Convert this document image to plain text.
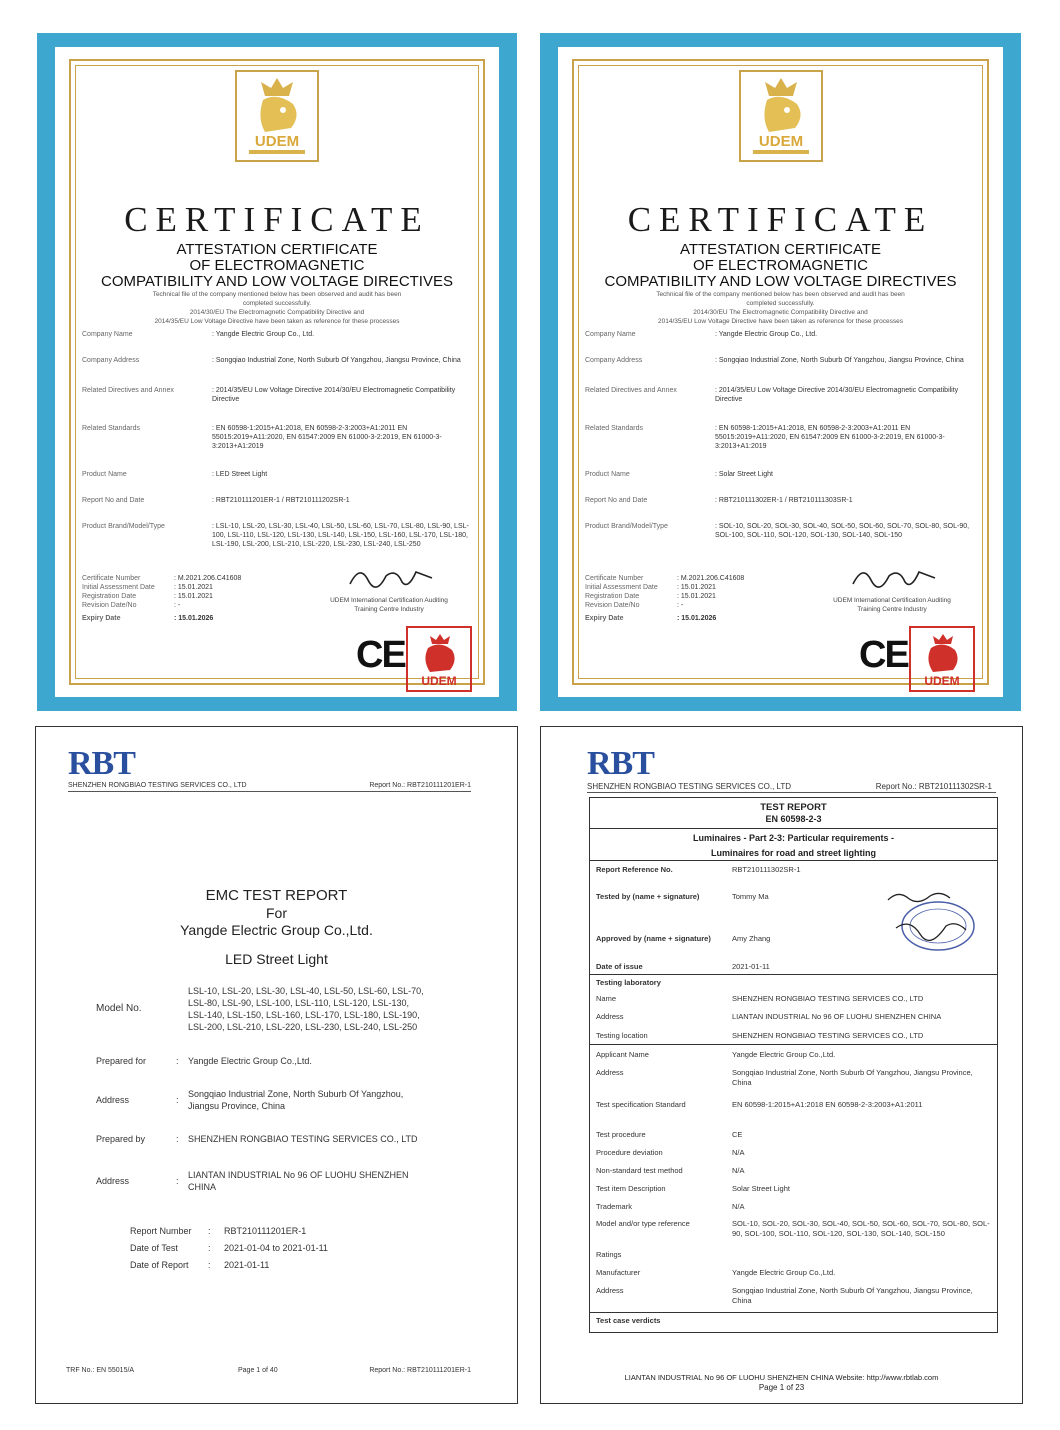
UDEM
CERTIFICATE
ATTESTATION CERTIFICATE
OF ELECTROMAGNETIC
COMPATIBILITY AND LOW VOLTAGE DIRECTIVES
Technical file of the company mentioned below has been observed and audit has been
completed successfully.
2014/30/EU The Electromagnetic Compatibility Directive and
2014/35/EU Low Voltage Directive have been taken as reference for these processes
Company Name	: Yangde Electric Group Co., Ltd.
Company Address	: Songqiao Industrial Zone, North Suburb Of Yangzhou, Jiangsu Province, China
Related Directives and Annex	: 2014/35/EU Low Voltage Directive 2014/30/EU Electromagnetic Compatibility Directive
Related Standards	: EN 60598-1:2015+A1:2018, EN 60598-2-3:2003+A1:2011 EN 55015:2019+A11:2020, EN 61547:2009 EN 61000-3-2:2019, EN 61000-3-3:2013+A1:2019
Product Name	: LED Street Light
Report No and Date	: RBT210111201ER-1 / RBT210111202SR-1
Product Brand/Model/Type	: LSL-10, LSL-20, LSL-30, LSL-40, LSL-50, LSL-60, LSL-70, LSL-80, LSL-90, LSL-100, LSL-110, LSL-120, LSL-130, LSL-140, LSL-150, LSL-160, LSL-170, LSL-180, LSL-190, LSL-200, LSL-210, LSL-220, LSL-230, LSL-240, LSL-250
Certificate Number	: M.2021.206.C41608
Initial Assessment Date	: 15.01.2021
Registration Date	: 15.01.2021
Revision Date/No	: -
Expiry Date	: 15.01.2026
UDEM International Certification Auditing Training Centre Industry
CE
UDEM
UDEM
CERTIFICATE
ATTESTATION CERTIFICATE
OF ELECTROMAGNETIC
COMPATIBILITY AND LOW VOLTAGE DIRECTIVES
Technical file of the company mentioned below has been observed and audit has been
completed successfully.
2014/30/EU The Electromagnetic Compatibility Directive and
2014/35/EU Low Voltage Directive have been taken as reference for these processes
Company Name	: Yangde Electric Group Co., Ltd.
Company Address	: Songqiao Industrial Zone, North Suburb Of Yangzhou, Jiangsu Province, China
Related Directives and Annex	: 2014/35/EU Low Voltage Directive 2014/30/EU Electromagnetic Compatibility Directive
Related Standards	: EN 60598-1:2015+A1:2018, EN 60598-2-3:2003+A1:2011 EN 55015:2019+A11:2020, EN 61547:2009 EN 61000-3-2:2019, EN 61000-3-3:2013+A1:2019
Product Name	: Solar Street Light
Report No and Date	: RBT210111302ER-1 / RBT210111303SR-1
Product Brand/Model/Type	: SOL-10, SOL-20, SOL-30, SOL-40, SOL-50, SOL-60, SOL-70, SOL-80, SOL-90, SOL-100, SOL-110, SOL-120, SOL-130, SOL-140, SOL-150
Certificate Number	: M.2021.206.C41608
Initial Assessment Date	: 15.01.2021
Registration Date	: 15.01.2021
Revision Date/No	: -
Expiry Date	: 15.01.2026
UDEM International Certification Auditing Training Centre Industry
CE
UDEM
RBT
SHENZHEN RONGBIAO TESTING SERVICES CO., LTD	Report No.: RBT210111201ER-1
EMC TEST REPORT
For
Yangde Electric Group Co.,Ltd.
LED Street Light
Model No.
LSL-10, LSL-20, LSL-30, LSL-40, LSL-50, LSL-60, LSL-70,
LSL-80, LSL-90, LSL-100, LSL-110, LSL-120, LSL-130,
LSL-140, LSL-150, LSL-160, LSL-170, LSL-180, LSL-190,
LSL-200, LSL-210, LSL-220, LSL-230, LSL-240, LSL-250
Prepared for	: Yangde Electric Group Co.,Ltd.
Address	:
Songqiao Industrial Zone, North Suburb Of Yangzhou,
Jiangsu Province, China
Prepared by	: SHENZHEN RONGBIAO TESTING SERVICES CO., LTD
Address	:
LIANTAN INDUSTRIAL No 96 OF LUOHU SHENZHEN
CHINA
Report Number : RBT210111201ER-1
Date of Test	: 2021-01-04 to 2021-01-11
Date of Report : 2021-01-11
TRF No.: EN 55015/A	Page 1 of 40	Report No.: RBT210111201ER-1
RBT
SHENZHEN RONGBIAO TESTING SERVICES CO., LTD	Report No.: RBT210111302SR-1
TEST REPORT
EN 60598-2-3
Luminaires - Part 2-3: Particular requirements -
Luminaires for road and street lighting
Report Reference No.	RBT210111302SR-1
Tested by (name + signature)	Tommy Ma
Approved by (name + signature)	Amy Zhang
Date of issue	2021-01-11
Testing laboratory
Name	SHENZHEN RONGBIAO TESTING SERVICES CO., LTD
Address	LIANTAN INDUSTRIAL No 96 OF LUOHU SHENZHEN CHINA
Testing location	SHENZHEN RONGBIAO TESTING SERVICES CO., LTD
Applicant Name	Yangde Electric Group Co.,Ltd.
Address	Songqiao Industrial Zone, North Suburb Of Yangzhou, Jiangsu Province, China
Test specification Standard	EN 60598-1:2015+A1:2018 EN 60598-2-3:2003+A1:2011
Test procedure	CE
Procedure deviation	N/A
Non-standard test method	N/A
Test item Description	Solar Street Light
Trademark	N/A
Model and/or type reference	SOL-10, SOL-20, SOL-30, SOL-40, SOL-50, SOL-60, SOL-70, SOL-80, SOL-90, SOL-100, SOL-110, SOL-120, SOL-130, SOL-140, SOL-150
Ratings
Manufacturer	Yangde Electric Group Co.,Ltd.
Address	Songqiao Industrial Zone, North Suburb Of Yangzhou, Jiangsu Province, China
Test case verdicts
LIANTAN INDUSTRIAL No 96 OF LUOHU SHENZHEN CHINA Website: http://www.rbtlab.com
Page 1 of 23
